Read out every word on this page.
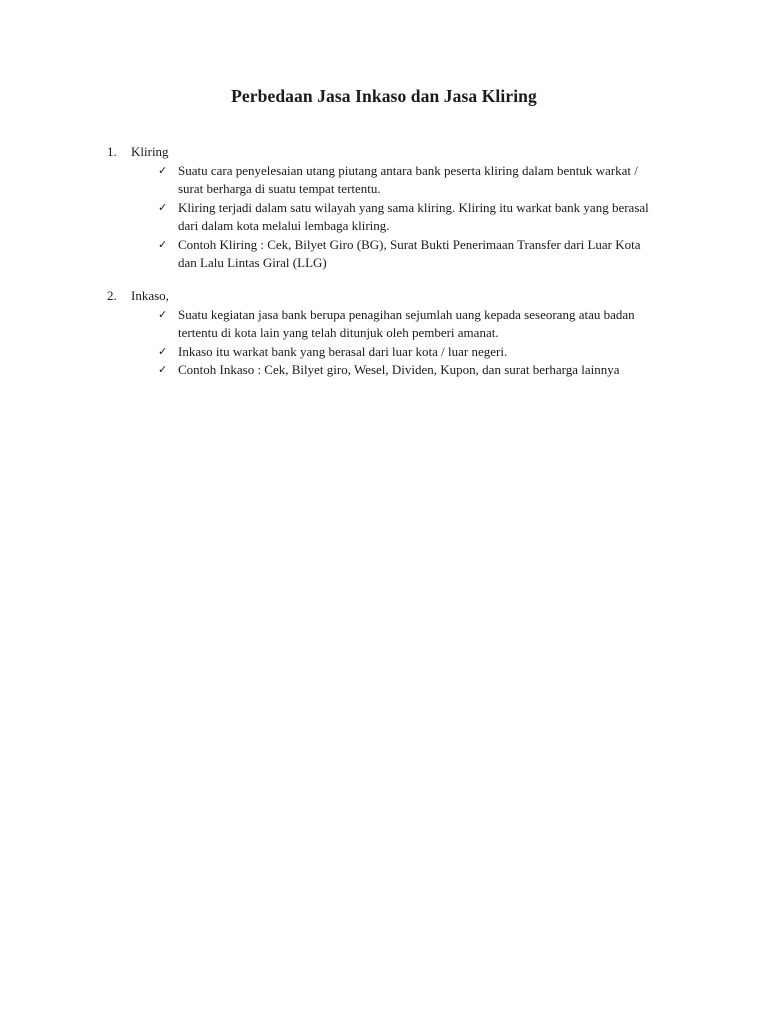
Perbedaan Jasa Inkaso dan Jasa Kliring
1. Kliring
✓ Suatu cara penyelesaian utang piutang antara bank peserta kliring dalam bentuk warkat /
surat berharga di suatu tempat tertentu.
✓ Kliring terjadi dalam satu wilayah yang sama kliring. Kliring itu warkat bank yang berasal
dari dalam kota melalui lembaga kliring.
✓ Contoh Kliring : Cek, Bilyet Giro (BG), Surat Bukti Penerimaan Transfer dari Luar Kota
dan Lalu Lintas Giral (LLG)
2. Inkaso,
✓ Suatu kegiatan jasa bank berupa penagihan sejumlah uang kepada seseorang atau badan
tertentu di kota lain yang telah ditunjuk oleh pemberi amanat.
✓ Inkaso itu warkat bank yang berasal dari luar kota / luar negeri.
✓ Contoh Inkaso : Cek, Bilyet giro, Wesel, Dividen, Kupon, dan surat berharga lainnya
